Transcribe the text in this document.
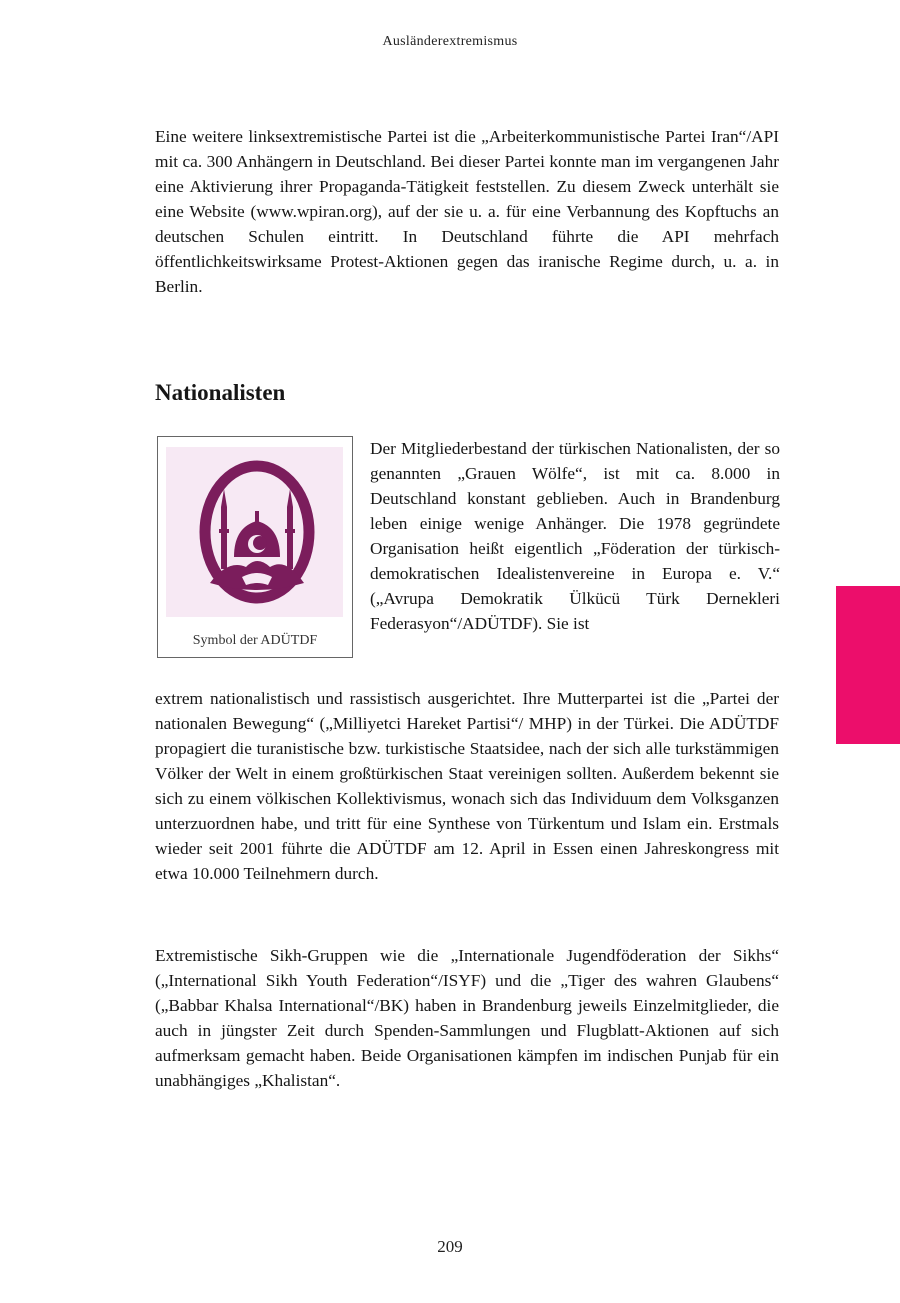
Ausländerextremismus

Eine weitere linksextremistische Partei ist die „Arbeiterkommunistische Partei Iran“/API mit ca. 300 Anhängern in Deutschland. Bei dieser Partei konnte man im vergangenen Jahr eine Aktivierung ihrer Propaganda-Tätigkeit feststellen. Zu diesem Zweck unterhält sie eine Website (www.wpiran.org), auf der sie u. a. für eine Verbannung des Kopftuchs an deutschen Schulen eintritt. In Deutschland führte die API mehrfach öffentlichkeitswirksame Protest-Aktionen gegen das iranische Regime durch, u. a. in Berlin.

Nationalisten
Symbol der ADÜTDF

Der Mitgliederbestand der türkischen Nationalisten, der so genannten „Grauen Wölfe“, ist mit ca. 8.000 in Deutschland konstant geblieben. Auch in Brandenburg leben einige wenige Anhänger. Die 1978 gegründete Organisation heißt eigentlich „Föderation der türkisch-demokratischen Idealistenvereine in Europa e. V.“ („Avrupa Demokratik Ülkücü Türk Dernekleri Federasyon“/ADÜTDF). Sie ist

extrem nationalistisch und rassistisch ausgerichtet. Ihre Mutterpartei ist die „Partei der nationalen Bewegung“ („Milliyetci Hareket Partisi“/ MHP) in der Türkei. Die ADÜTDF propagiert die turanistische bzw. turkistische Staatsidee, nach der sich alle turkstämmigen Völker der Welt in einem großtürkischen Staat vereinigen sollten. Außerdem bekennt sie sich zu einem völkischen Kollektivismus, wonach sich das Individuum dem Volksganzen unterzuordnen habe, und tritt für eine Synthese von Türkentum und Islam ein. Erstmals wieder seit 2001 führte die ADÜTDF am 12. April in Essen einen Jahreskongress mit etwa 10.000 Teilnehmern durch.

Extremistische Sikh-Gruppen wie die „Internationale Jugendföderation der Sikhs“ („International Sikh Youth Federation“/ISYF) und die „Tiger des wahren Glaubens“ („Babbar Khalsa International“/BK) haben in Brandenburg jeweils Einzelmitglieder, die auch in jüngster Zeit durch Spenden-Sammlungen und Flugblatt-Aktionen auf sich aufmerksam gemacht haben. Beide Organisationen kämpfen im indischen Punjab für ein unabhängiges „Khalistan“.

209
